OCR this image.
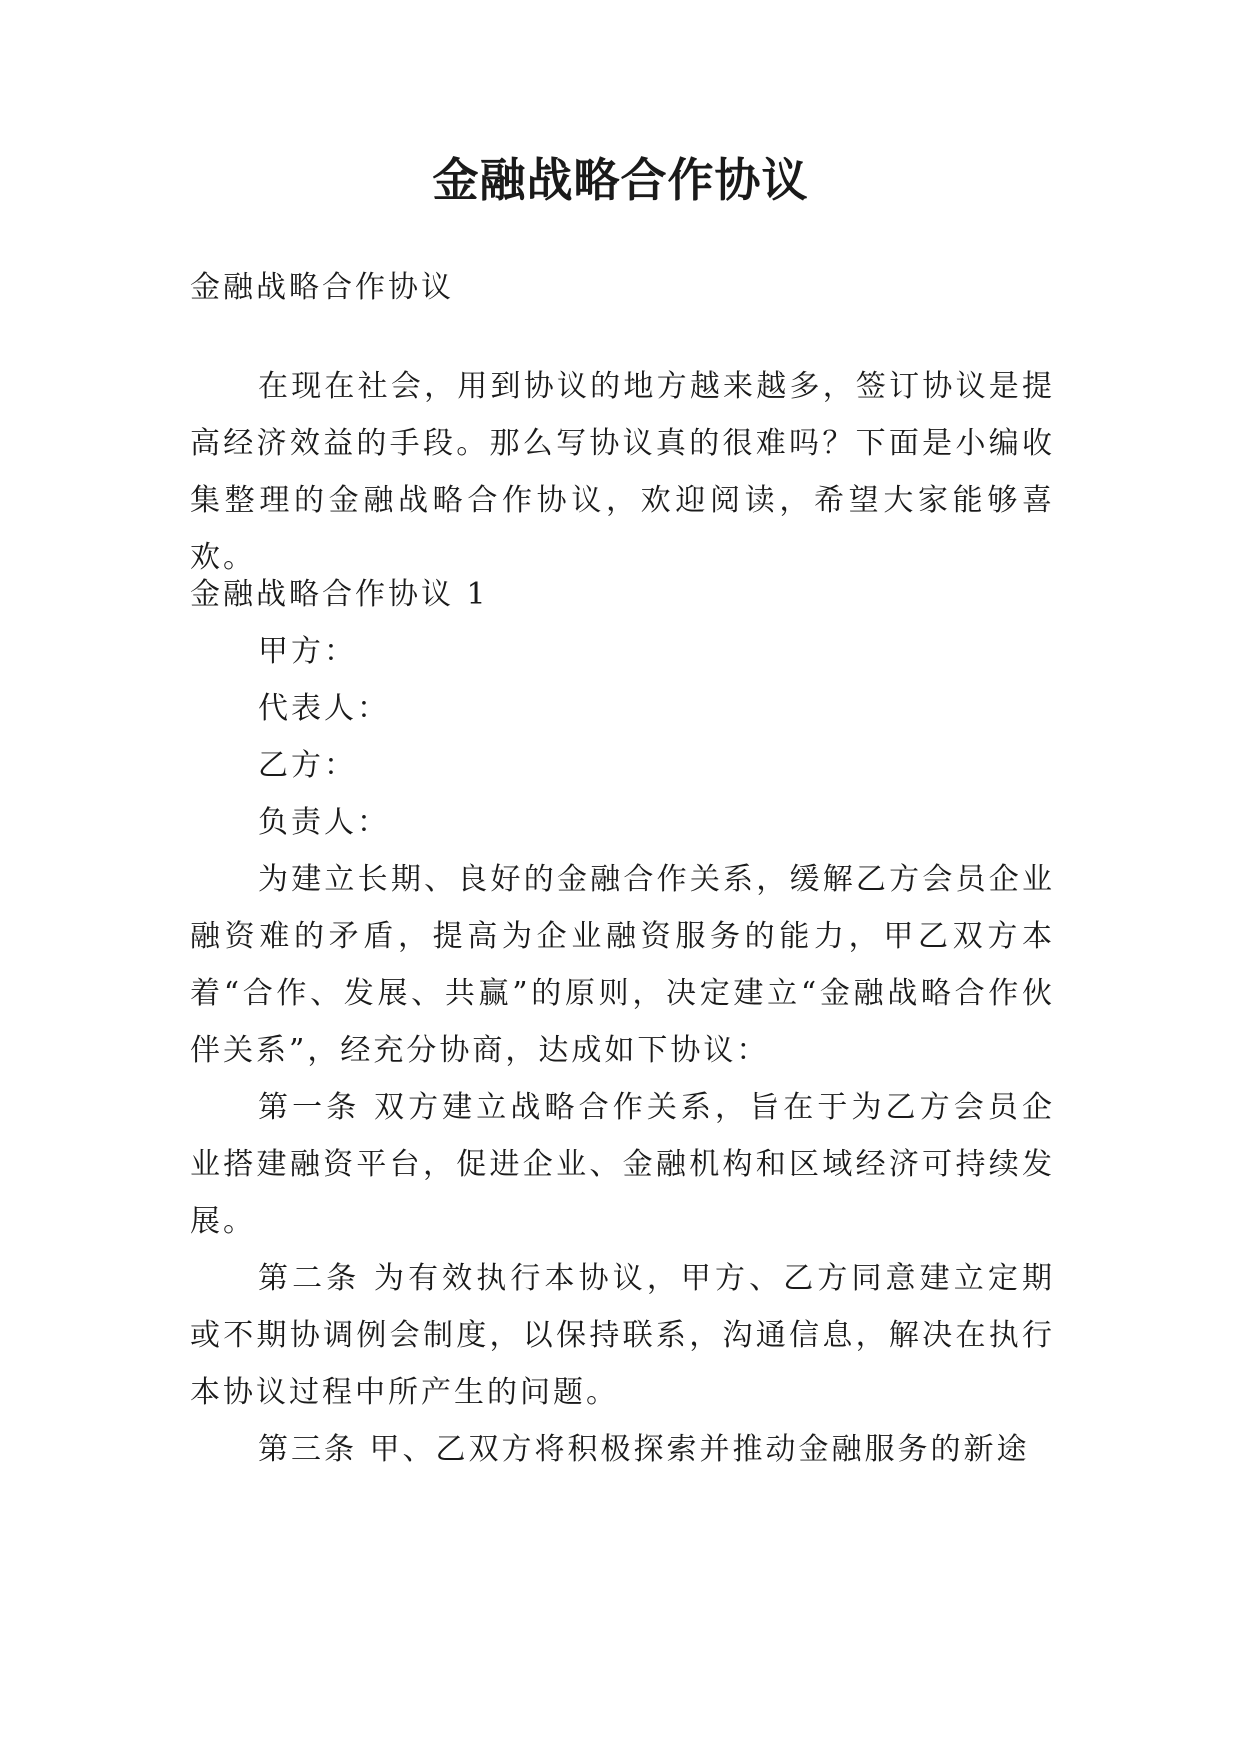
金融战略合作协议

金融战略合作协议

在现在社会，用到协议的地方越来越多，签订协议是提高经济效益的手段。那么写协议真的很难吗？下面是小编收集整理的金融战略合作协议，欢迎阅读，希望大家能够喜欢。

金融战略合作协议 1

甲方：

代表人：

乙方：

负责人：

为建立长期、良好的金融合作关系，缓解乙方会员企业融资难的矛盾，提高为企业融资服务的能力，甲乙双方本着“合作、发展、共赢”的原则，决定建立“金融战略合作伙伴关系”，经充分协商，达成如下协议：

第一条 双方建立战略合作关系，旨在于为乙方会员企业搭建融资平台，促进企业、金融机构和区域经济可持续发展。

第二条 为有效执行本协议，甲方、乙方同意建立定期或不期协调例会制度，以保持联系，沟通信息，解决在执行本协议过程中所产生的问题。

第三条 甲、乙双方将积极探索并推动金融服务的新途
